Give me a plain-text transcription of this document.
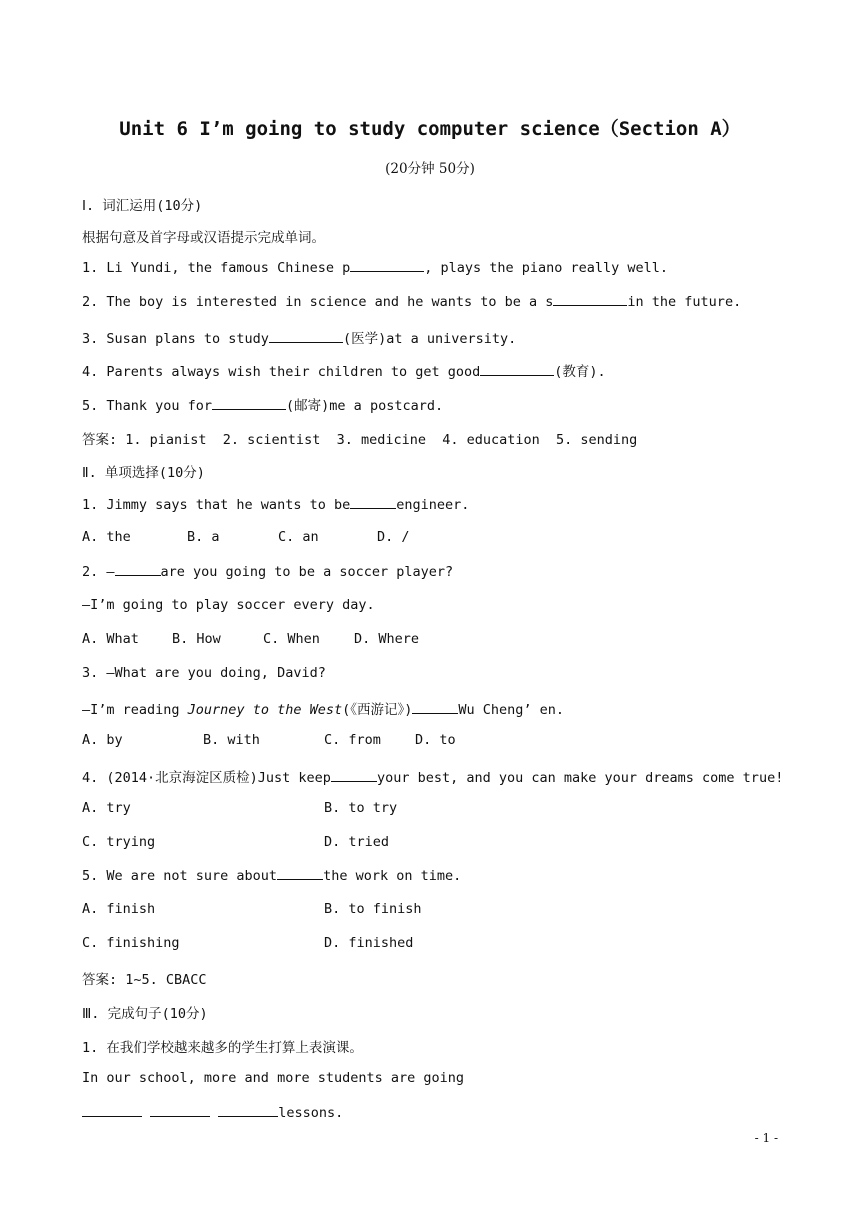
Unit 6 I’m going to study computer science（Section A）
(20分钟 50分)
Ⅰ. 词汇运用(10分)
根据句意及首字母或汉语提示完成单词。
1. Li Yundi, the famous Chinese p	, plays the piano really well.
2. The boy is interested in science and he wants to be a s	in the future.
3. Susan plans to study	(医学)at a university.
4. Parents always wish their children to get good	(教育).
5. Thank you for	(邮寄)me a postcard.
答案: 1. pianist  2. scientist  3. medicine  4. education  5. sending
Ⅱ. 单项选择(10分)
1. Jimmy says that he wants to be	engineer.
A. the	B. a	C. an	D. /
2. —	are you going to be a soccer player?
—I’m going to play soccer every day.
A. What B. How	C. When	D. Where
3. —What are you doing, David?
—I’m reading Journey to the West(《西游记》)	Wu Cheng’ en.
A. by	B. with	C. from	D. to
4. (2014·北京海淀区质检)Just keep	your best, and you can make your dreams come true!
A. try	B. to try
C. trying	D. tried
5. We are not sure about	the work on time.
A. finish	B. to finish
C. finishing	D. finished
答案: 1~5. CBACC
Ⅲ. 完成句子(10分)
1. 在我们学校越来越多的学生打算上表演课。
In our school, more and more students are going
lessons.
- 1 -
